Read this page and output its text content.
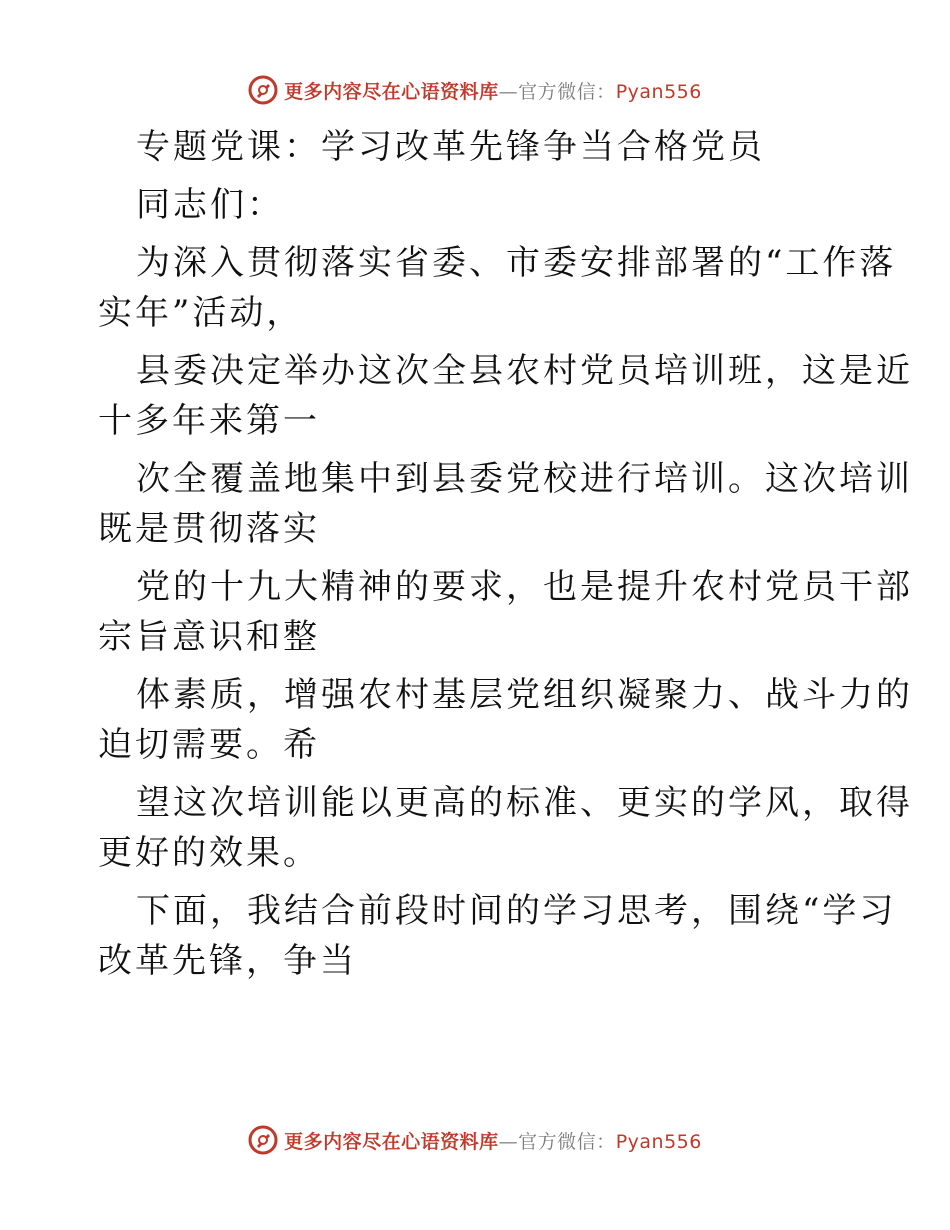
更多内容尽在心语资料库—官方微信：Pyan556

专题党课：学习改革先锋争当合格党员

同志们：

为深入贯彻落实省委、市委安排部署的“工作落

实年”活动，

县委决定举办这次全县农村党员培训班，这是近

十多年来第一

次全覆盖地集中到县委党校进行培训。这次培训

既是贯彻落实

党的十九大精神的要求，也是提升农村党员干部

宗旨意识和整

体素质，增强农村基层党组织凝聚力、战斗力的

迫切需要。希

望这次培训能以更高的标准、更实的学风，取得

更好的效果。

下面，我结合前段时间的学习思考，围绕“学习

改革先锋，争当

更多内容尽在心语资料库—官方微信：Pyan556
